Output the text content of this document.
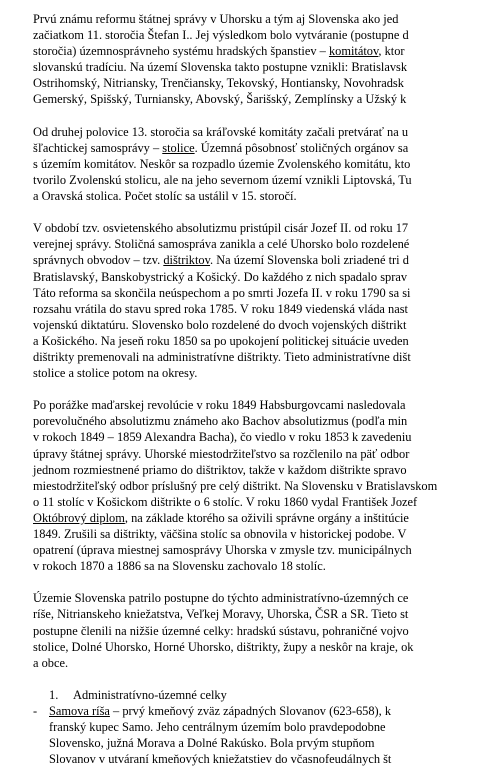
Prvú známu reformu štátnej správy v Uhorsku a tým aj Slovenska ako jed
začiatkom 11. storočia Štefan I.. Jej výsledkom bolo vytváranie (postupne d
storočia) územnosprávneho systému hradských španstiev – komitátov, ktor
slovanskú tradíciu. Na území Slovenska takto postupne vznikli: Bratislavsk
Ostrihomský, Nitriansky, Trenčiansky, Tekovský, Hontiansky, Novohradsk
Gemerský, Spišský, Turniansky, Abovský, Šarišský, Zemplínsky a Užský k
Od druhej polovice 13. storočia sa kráľovské komitáty začali pretvárať na u
šľachtickej samosprávy – stolice. Územná pôsobnosť stoličných orgánov sa
s územím komitátov. Neskôr sa rozpadlo územie Zvolenského komitátu, kto
tvorilo Zvolenskú stolicu, ale na jeho severnom území vznikli Liptovská, Tu
a Oravská stolica. Počet stolíc sa ustálil v 15. storočí.
V období tzv. osvietenského absolutizmu pristúpil cisár Jozef II. od roku 17
verejnej správy. Stoličná samospráva zanikla a celé Uhorsko bolo rozdelené
správnych obvodov – tzv. dištriktov. Na území Slovenska boli zriadené tri d
Bratislavský, Banskobystrický a Košický. Do každého z nich spadalo sprav
Táto reforma sa skončila neúspechom a po smrti Jozefa II. v roku 1790 sa si
rozsahu vrátila do stavu spred roka 1785. V roku 1849 viedenská vláda nast
vojenskú diktatúru. Slovensko bolo rozdelené do dvoch vojenských dištrikt
a Košického. Na jeseň roku 1850 sa po upokojení politickej situácie uveden
dištrikty premenovali na administratívne dištrikty. Tieto administratívne dišt
stolice a stolice potom na okresy.
Po porážke maďarskej revolúcie v roku 1849 Habsburgovcami nasledovala
porevolučného absolutizmu známeho ako Bachov absolutizmus (podľa min
v rokoch 1849 – 1859 Alexandra Bacha), čo viedlo v roku 1853 k zavedeniu
úpravy štátnej správy. Uhorské miestodržiteľstvo sa rozčlenilo na päť odbor
jednom rozmiestnené priamo do dištriktov, takže v každom dištrikte spravo
miestodržiteľský odbor príslušný pre celý dištrikt. Na Slovensku v Bratislavskom
o 11 stolíc v Košickom dištrikte o 6 stolíc. V roku 1860 vydal František Jozef
Októbrový diplom, na základe ktorého sa oživili správne orgány a inštitúcie
1849. Zrušili sa dištrikty, väčšina stolíc sa obnovila v historickej podobe. V
opatrení (úprava miestnej samosprávy Uhorska v zmysle tzv. municipálnych
v rokoch 1870 a 1886 sa na Slovensku zachovalo 18 stolíc.
Územie Slovenska patrilo postupne do týchto administratívno-územných ce
ríše, Nitrianskeho kniežatstva, Veľkej Moravy, Uhorska, ČSR a SR. Tieto st
postupne členili na nižšie územné celky: hradskú sústavu, pohraničné vojvo
stolice, Dolné Uhorsko, Horné Uhorsko, dištrikty, župy a neskôr na kraje, ok
a obce.
1.	Administratívno-územné celky
- Samova ríša – prvý kmeňový zväz západných Slovanov (623-658), k
franský kupec Samo. Jeho centrálnym územím bolo pravdepodobne
Slovensko, južná Morava a Dolné Rakúsko. Bola prvým stupňom
Slovanov v utváraní kmeňových kniežatstiev do včasnofeudálnych št
